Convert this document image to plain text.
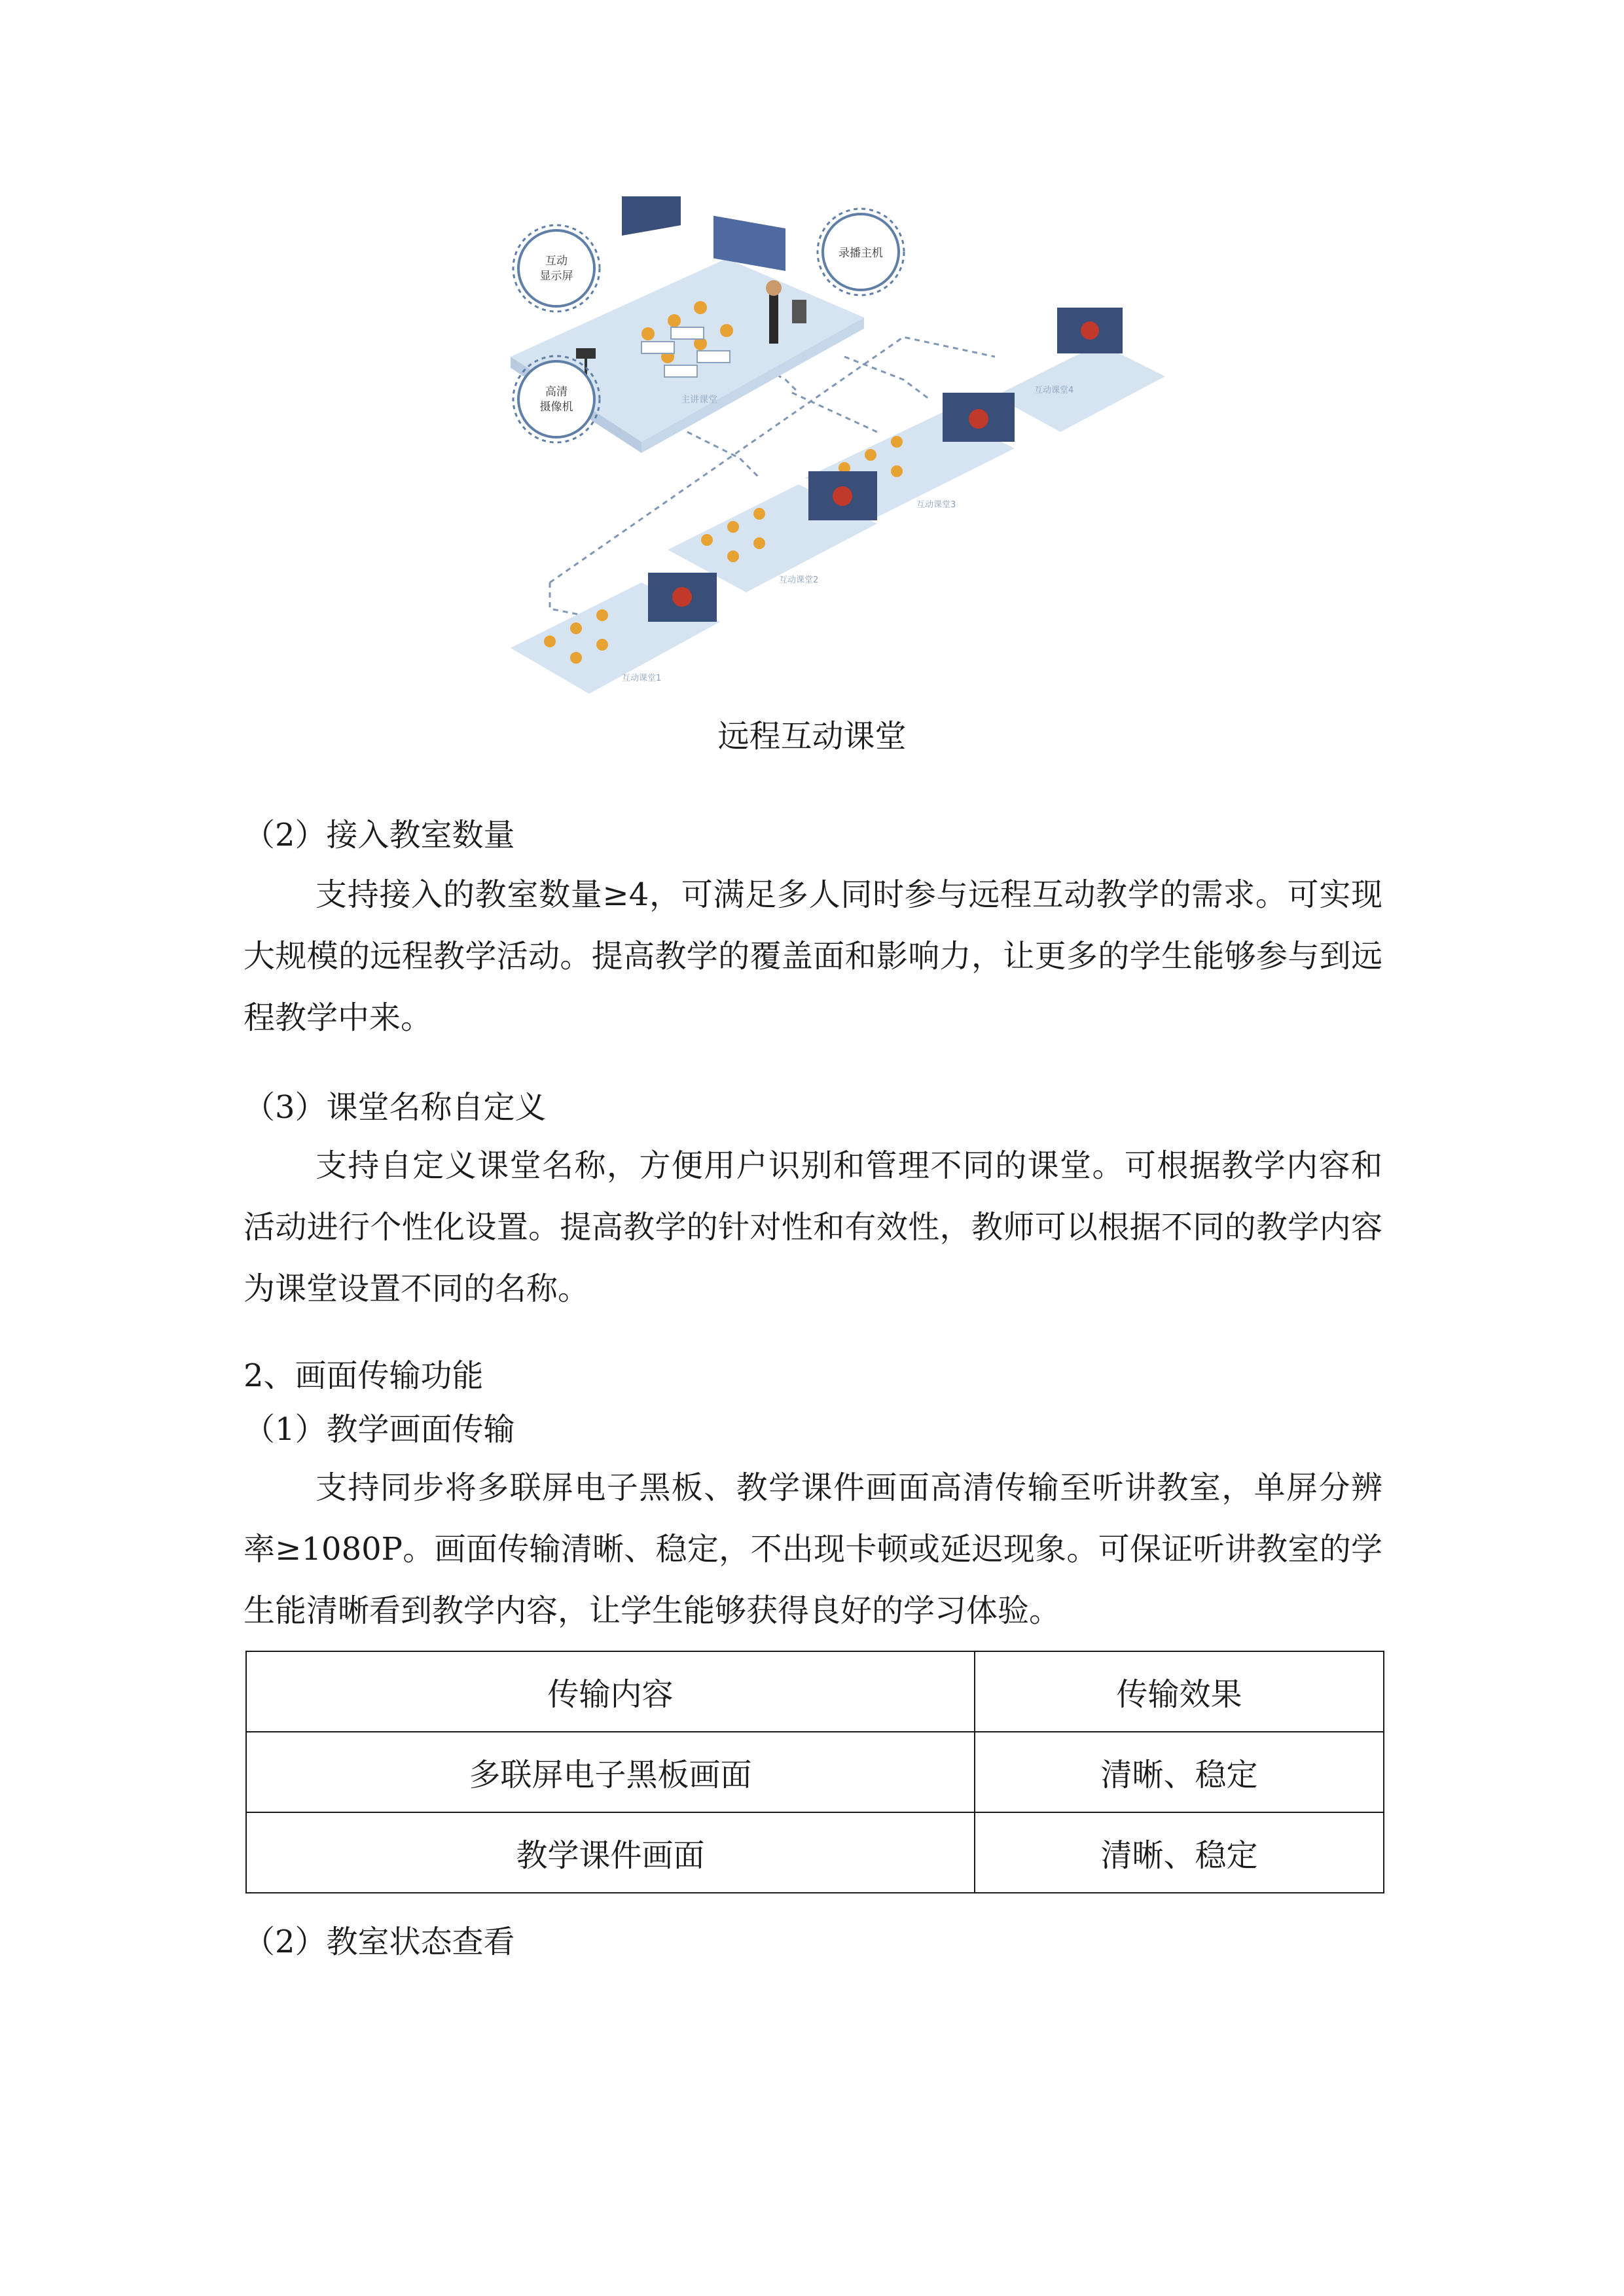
主讲课堂
互动
显示屏
录播主机
高清
摄像机
互动课堂4
互动课堂3
互动课堂2
互动课堂1
远程互动课堂
（2）接入教室数量

支持接入的教室数量≥4，可满足多人同时参与远程互动教学的需求。可实现大规模的远程教学活动。提高教学的覆盖面和影响力，让更多的学生能够参与到远程教学中来。

（3）课堂名称自定义

支持自定义课堂名称，方便用户识别和管理不同的课堂。可根据教学内容和活动进行个性化设置。提高教学的针对性和有效性，教师可以根据不同的教学内容为课堂设置不同的名称。

2、画面传输功能
（1）教学画面传输

支持同步将多联屏电子黑板、教学课件画面高清传输至听讲教室，单屏分辨率≥1080P。画面传输清晰、稳定，不出现卡顿或延迟现象。可保证听讲教室的学生能清晰看到教学内容，让学生能够获得良好的学习体验。

传输内容	传输效果
多联屏电子黑板画面	清晰、稳定
教学课件画面	清晰、稳定
（2）教室状态查看
